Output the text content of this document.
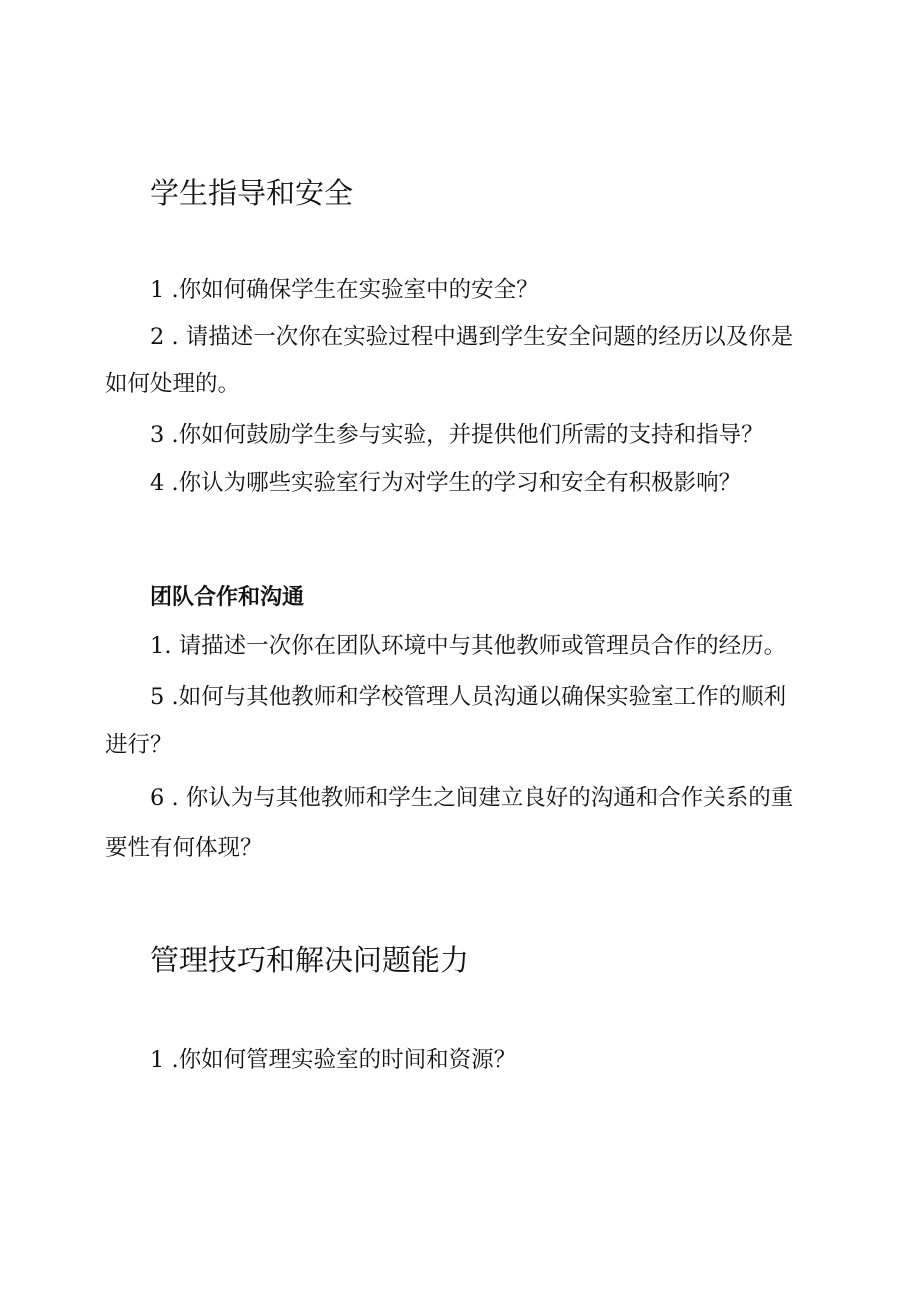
学生指导和安全

1 .你如何确保学生在实验室中的安全？

2 . 请描述一次你在实验过程中遇到学生安全问题的经历以及你是

如何处理的。

3 .你如何鼓励学生参与实验，并提供他们所需的支持和指导？

4 .你认为哪些实验室行为对学生的学习和安全有积极影响？

团队合作和沟通

1. 请描述一次你在团队环境中与其他教师或管理员合作的经历。

5 .如何与其他教师和学校管理人员沟通以确保实验室工作的顺利

进行？

6 . 你认为与其他教师和学生之间建立良好的沟通和合作关系的重

要性有何体现？

管理技巧和解决问题能力

1 .你如何管理实验室的时间和资源？
